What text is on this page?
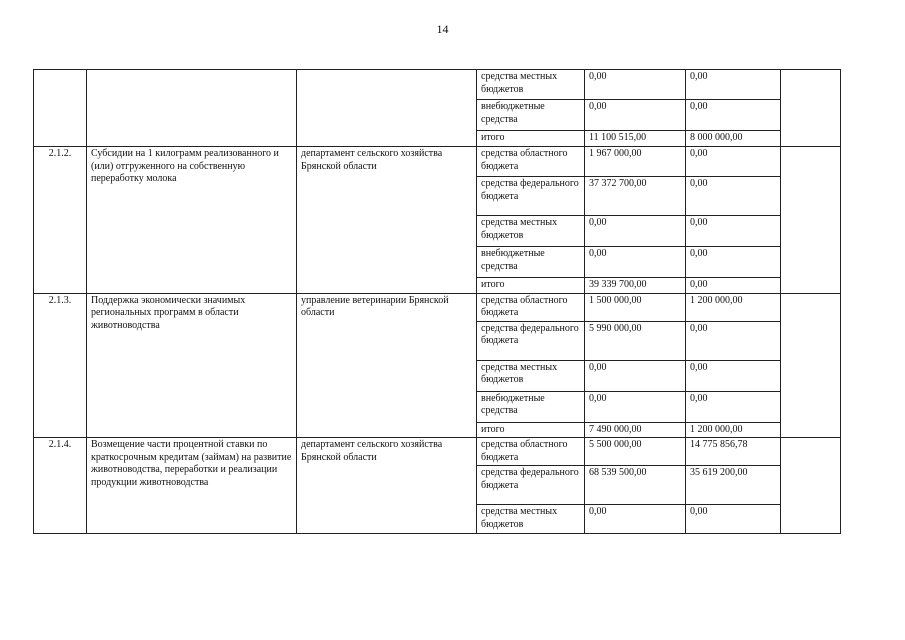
14
			средства местных бюджетов	0,00	0,00	
			внебюджетные средства	0,00	0,00	
			итого	11 100 515,00	8 000 000,00	
2.1.2.	Субсидии на 1 килограмм реализованного и (или) отгруженного на собственную переработку молока	департамент сельского хозяйства Брянской области	средства областного бюджета	1 967 000,00	0,00	
			средства федерального бюджета	37 372 700,00	0,00	
			средства местных бюджетов	0,00	0,00	
			внебюджетные средства	0,00	0,00	
			итого	39 339 700,00	0,00	
2.1.3.	Поддержка экономически значимых региональных программ в области животноводства	управление ветеринарии Брянской области	средства областного бюджета	1 500 000,00	1 200 000,00	
			средства федерального бюджета	5 990 000,00	0,00	
			средства местных бюджетов	0,00	0,00	
			внебюджетные средства	0,00	0,00	
			итого	7 490 000,00	1 200 000,00	
2.1.4.	Возмещение части процентной ставки по краткосрочным кредитам (займам) на развитие животноводства, переработки и реализации продукции животноводства	департамент сельского хозяйства Брянской области	средства областного бюджета	5 500 000,00	14 775 856,78	
			средства федерального бюджета	68 539 500,00	35 619 200,00	
			средства местных бюджетов	0,00	0,00	
